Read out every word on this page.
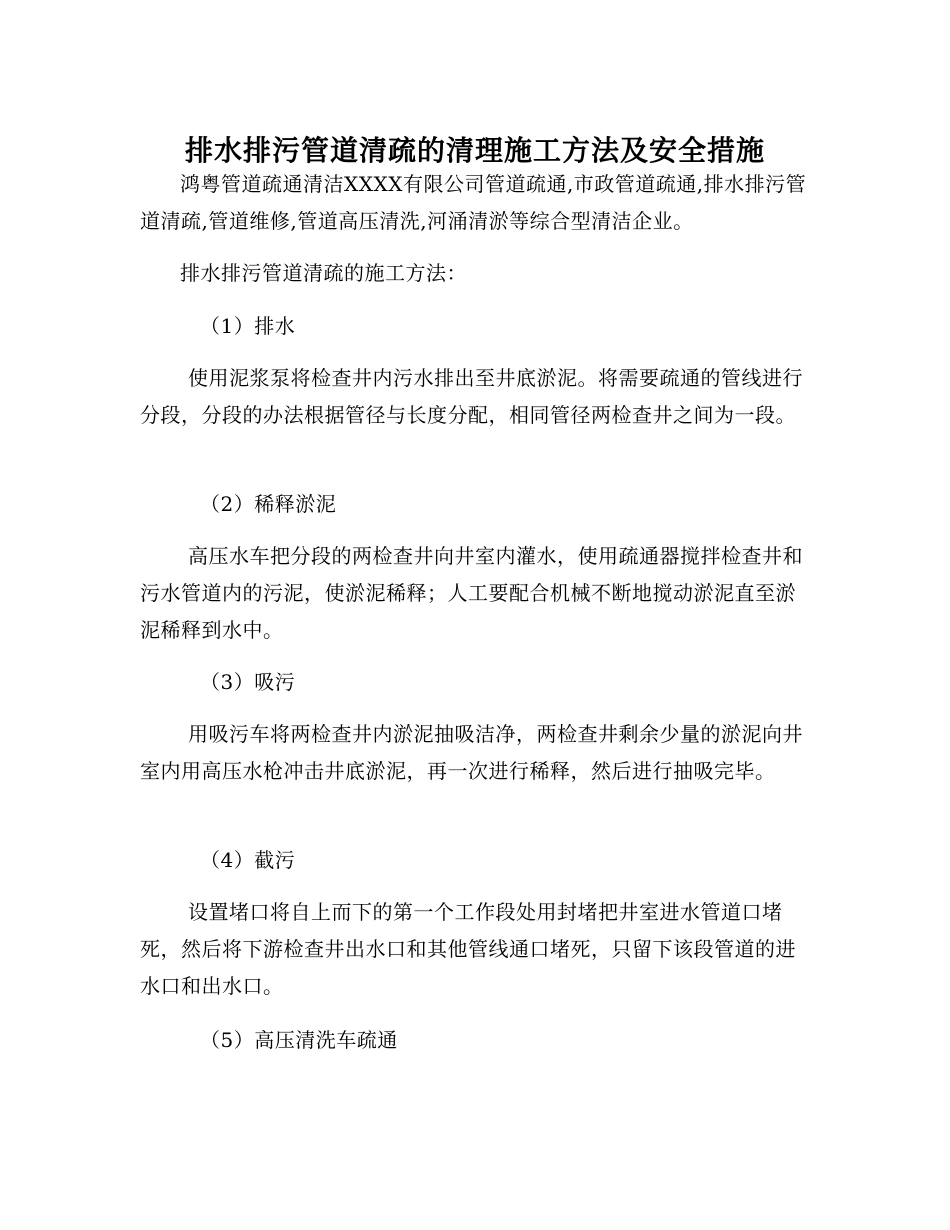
排水排污管道清疏的清理施工方法及安全措施

鸿粤管道疏通清洁XXXX有限公司管道疏通,市政管道疏通,排水排污管道清疏,管道维修,管道高压清洗,河涌清淤等综合型清洁企业。

排水排污管道清疏的施工方法：

（1）排水

使用泥浆泵将检查井内污水排出至井底淤泥。将需要疏通的管线进行分段，分段的办法根据管径与长度分配，相同管径两检查井之间为一段。

（2）稀释淤泥

高压水车把分段的两检查井向井室内灌水，使用疏通器搅拌检查井和污水管道内的污泥，使淤泥稀释；人工要配合机械不断地搅动淤泥直至淤泥稀释到水中。

（3）吸污

用吸污车将两检查井内淤泥抽吸洁净，两检查井剩余少量的淤泥向井室内用高压水枪冲击井底淤泥，再一次进行稀释，然后进行抽吸完毕。

（4）截污

设置堵口将自上而下的第一个工作段处用封堵把井室进水管道口堵死，然后将下游检查井出水口和其他管线通口堵死，只留下该段管道的进水口和出水口。

（5）高压清洗车疏通
